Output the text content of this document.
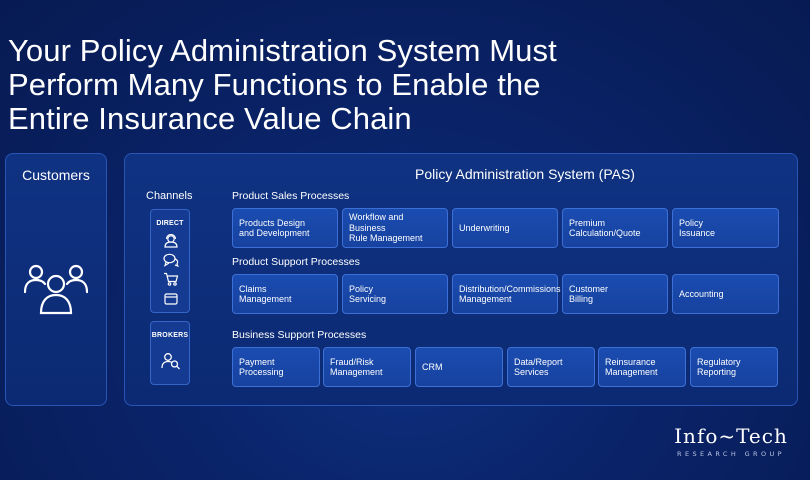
Your Policy Administration System Must
Perform Many Functions to Enable the
Entire Insurance Value Chain
Customers	Policy Administration System (PAS)
Channels
DIRECT
BROKERS
Product Sales Processes
Products Design
and Development
Workflow and Business
Rule Management
Underwriting
Premium
Calculation/Quote
Policy
Issuance
Product Support Processes
Claims
Management
Policy
Servicing
Distribution/Commissions
Management
Customer
Billing
Accounting
Business Support Processes
Payment
Processing
Fraud/Risk
Management
CRM
Data/Report
Services
Reinsurance
Management
Regulatory
Reporting
Info~Tech
RESEARCH GROUP
